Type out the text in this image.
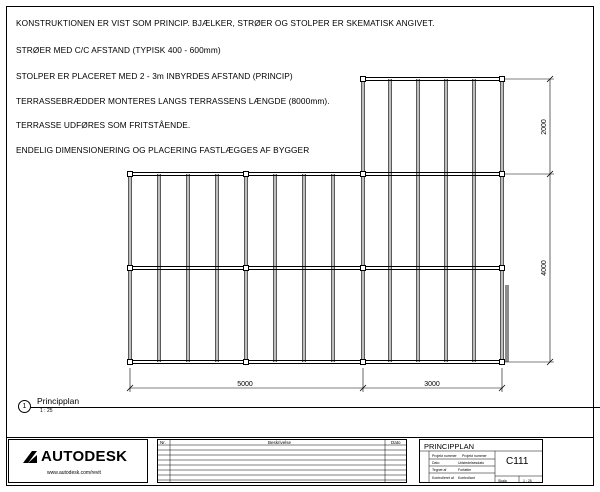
KONSTRUKTIONEN ER VIST SOM PRINCIP. BJÆLKER, STRØER OG STOLPER ER SKEMATISK ANGIVET.
STRØER MED C/C AFSTAND (TYPISK 400 - 600mm)
STOLPER ER PLACERET MED 2 - 3m INBYRDES AFSTAND (PRINCIP)
TERRASSEBRÆDDER MONTERES LANGS TERRASSENS LÆNGDE (8000mm).
TERRASSE UDFØRES SOM FRITSTÅENDE.
ENDELIG DIMENSIONERING OG PLACERING FASTLÆGGES AF BYGGER
5000	3000
2000
4000
1
Principplan
1 : 25
AUTODESK
www.autodesk.com/revit
Nr.	Beskrivelse	Dato	PRINCIPPLAN
Projekt nummer Projekt nummer
Dato	Udstedelsesdato
Tegnet af	Forfatter
Kontrolleret af Kontrollant
C111
Skala	1 : 25
